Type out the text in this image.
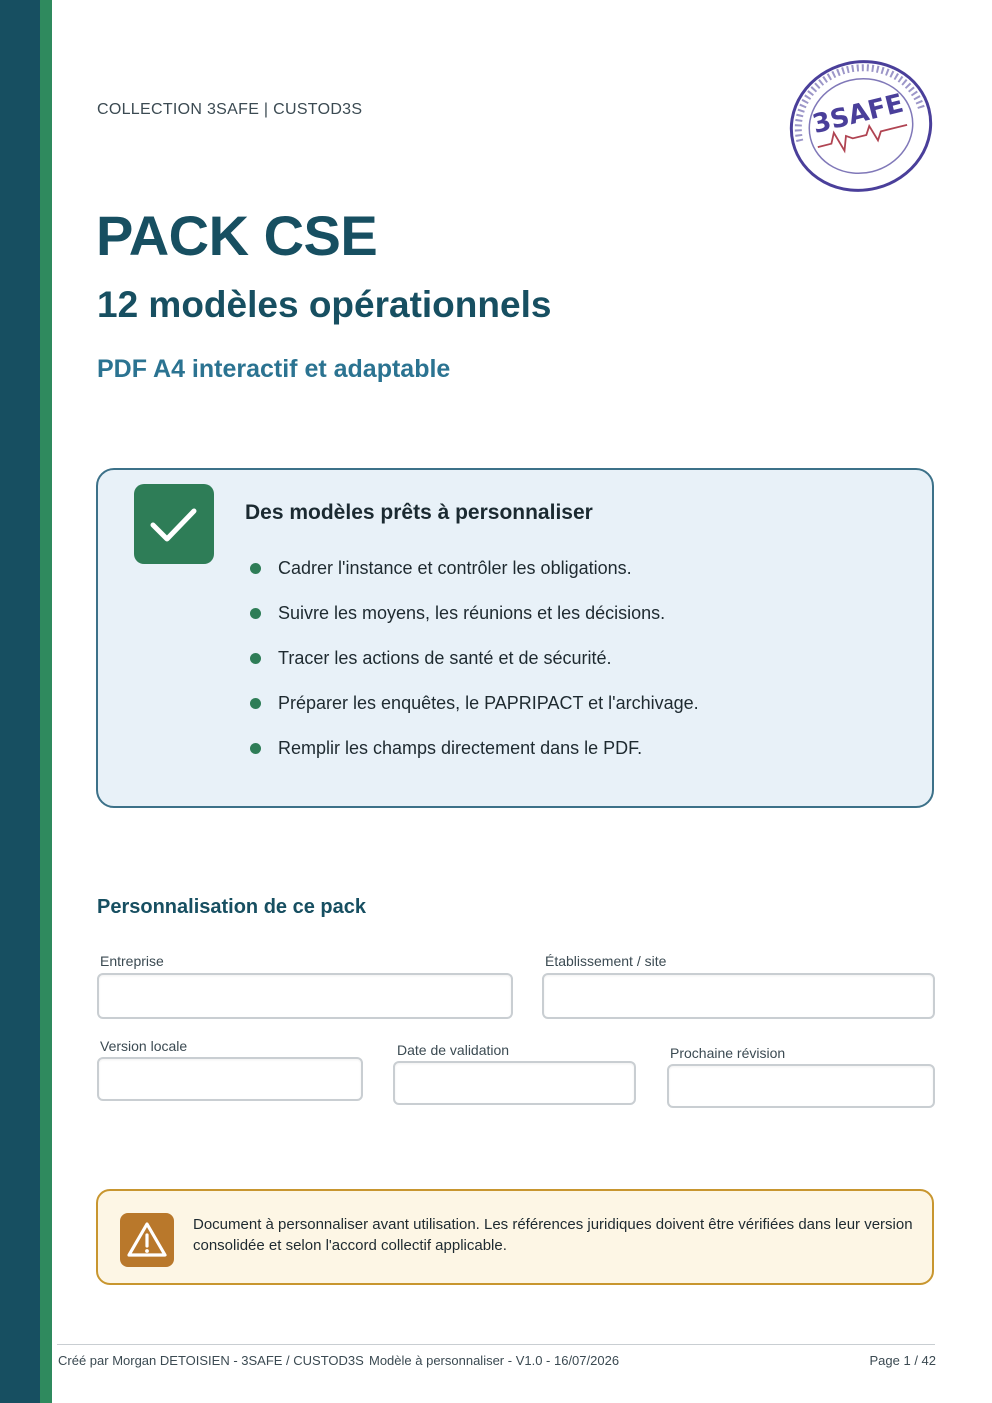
COLLECTION 3SAFE | CUSTOD3S	3SAFE
PACK CSE
12 modèles opérationnels
PDF A4 interactif et adaptable
Des modèles prêts à personnaliser
Cadrer l'instance et contrôler les obligations.
Suivre les moyens, les réunions et les décisions.
Tracer les actions de santé et de sécurité.
Préparer les enquêtes, le PAPRIPACT et l'archivage.
Remplir les champs directement dans le PDF.
Personnalisation de ce pack
Entreprise	Établissement / site
Version locale	Date de validation	Prochaine révision
Document à personnaliser avant utilisation. Les références juridiques doivent être vérifiées dans leur version consolidée et selon l'accord collectif applicable.
Créé par Morgan DETOISIEN - 3SAFE / CUSTOD3S Modèle à personnaliser - V1.0 - 16/07/2026	Page 1 / 42
